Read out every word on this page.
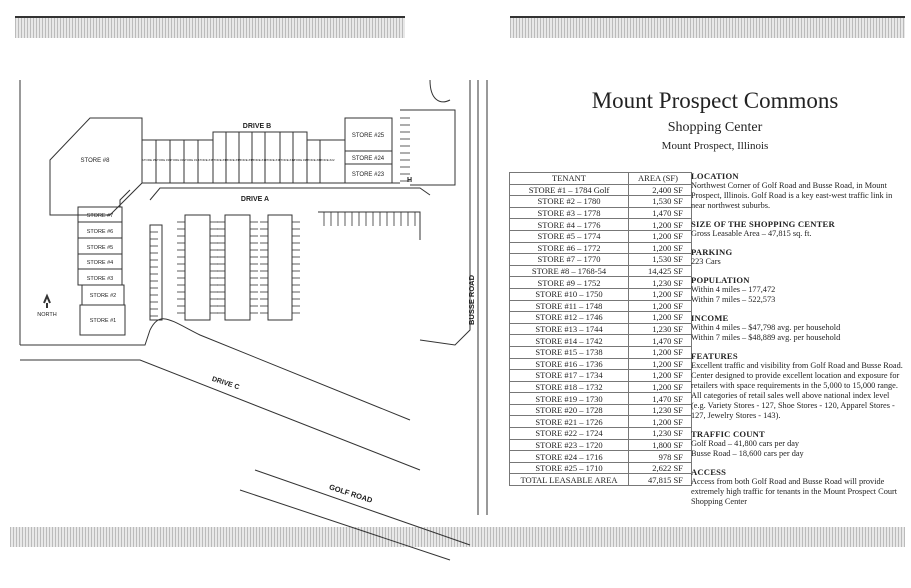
DRIVE B
DRIVE A
DRIVE C
GOLF ROAD
BUSSE ROAD
NORTH
STORE #8
STORE #25
STORE #24
STORE #23
STORE #7
STORE #6
STORE #5
STORE #4
STORE #3
STORE #2
STORE #1
H
STORE #9
STORE #10
STORE #11
STORE #12
STORE #13
STORE #14
STORE #15
STORE #16
STORE #17
STORE #18
STORE #19
STORE #20
STORE #21
STORE #22
Mount Prospect Commons
Shopping Center
Mount Prospect, Illinois
TENANT	AREA (SF)
STORE #1 – 1784 Golf	2,400 SF
STORE #2 – 1780	1,530 SF
STORE #3 – 1778	1,470 SF
STORE #4 – 1776	1,200 SF
STORE #5 – 1774	1,200 SF
STORE #6 – 1772	1,200 SF
STORE #7 – 1770	1,530 SF
STORE #8 – 1768-54	14,425 SF
STORE #9 – 1752	1,230 SF
STORE #10 – 1750	1,200 SF
STORE #11 – 1748	1,200 SF
STORE #12 – 1746	1,200 SF
STORE #13 – 1744	1,230 SF
STORE #14 – 1742	1,470 SF
STORE #15 – 1738	1,200 SF
STORE #16 – 1736	1,200 SF
STORE #17 – 1734	1,200 SF
STORE #18 – 1732	1,200 SF
STORE #19 – 1730	1,470 SF
STORE #20 – 1728	1,230 SF
STORE #21 – 1726	1,200 SF
STORE #22 – 1724	1,230 SF
STORE #23 – 1720	1,800 SF
STORE #24 – 1716	978 SF
STORE #25 – 1710	2,622 SF
TOTAL LEASABLE AREA	47,815 SF
LOCATION

Northwest Corner of Golf Road and Busse Road, in Mount Prospect, Illinois. Golf Road is a key east-west traffic link in near northwest suburbs.

SIZE OF THE SHOPPING CENTER

Gross Leasable Area – 47,815 sq. ft.

PARKING

223 Cars

POPULATION

Within 4 miles – 177,472
Within 7 miles – 522,573

INCOME

Within 4 miles – $47,798 avg. per household
Within 7 miles – $48,889 avg. per household

FEATURES

Excellent traffic and visibility from Golf Road and Busse Road. Center designed to provide excellent location and exposure for retailers with space requirements in the 5,000 to 15,000 range. All categories of retail sales well above national index level (e.g. Variety Stores - 127, Shoe Stores - 120, Apparel Stores - 127, Jewelry Stores - 143).

TRAFFIC COUNT

Golf Road – 41,800 cars per day
Busse Road – 18,600 cars per day

ACCESS

Access from both Golf Road and Busse Road will provide extremely high traffic for tenants in the Mount Prospect Court Shopping Center
